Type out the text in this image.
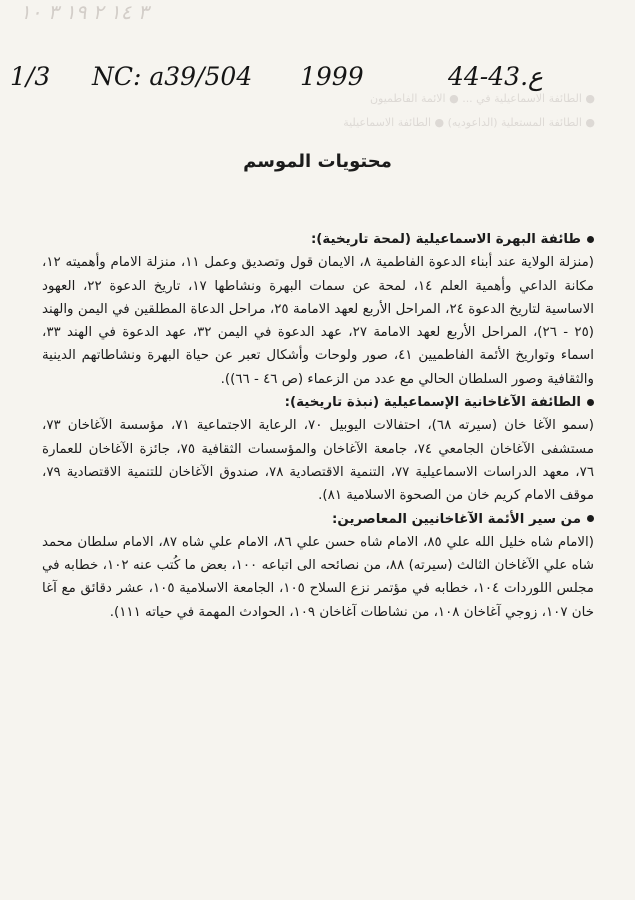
٣ ١٤ ٢ ١٩ ٣ ١٠
● الطائفة الاسماعيلية في ... ● الائمة الفاطميون
● الطائفة المستعلية (الداعوديه) ● الطائفة الاسماعيلية
1/3 NC: a39/504 1999	44-43.ع
محتويات الموسم

طائفة البهرة الاسماعيلية (لمحة تاريخية):

(منزلة الولاية عند أبناء الدعوة الفاطمية ٨، الايمان قول وتصديق وعمل ١١، منزلة الامام وأهميته ١٢، مكانة الداعي وأهمية العلم ١٤، لمحة عن سمات البهرة ونشاطها ١٧، تاريخ الدعوة ٢٢، العهود الاساسية لتاريخ الدعوة ٢٤، المراحل الأربع لعهد الامامة ٢٥، مراحل الدعاة المطلقين في اليمن والهند (٢٥ - ٢٦)، المراحل الأربع لعهد الامامة ٢٧، عهد الدعوة في اليمن ٣٢، عهد الدعوة في الهند ٣٣، اسماء وتواريخ الأئمة الفاطميين ٤١، صور ولوحات وأشكال تعبر عن حياة البهرة ونشاطاتهم الدينية والثقافية وصور السلطان الحالي مع عدد من الزعماء (ص ٤٦ - ٦٦)).

الطائفة الآغاخانية الإسماعيلية (نبذة تاريخية):

(سمو الآغا خان (سيرته ٦٨)، احتفالات اليوبيل ٧٠، الرعاية الاجتماعية ٧١، مؤسسة الآغاخان ٧٣، مستشفى الآغاخان الجامعي ٧٤، جامعة الآغاخان والمؤسسات الثقافية ٧٥، جائزة الآغاخان للعمارة ٧٦، معهد الدراسات الاسماعيلية ٧٧، التنمية الاقتصادية ٧٨، صندوق الآغاخان للتنمية الاقتصادية ٧٩، موقف الامام كريم خان من الصحوة الاسلامية ٨١).

من سير الأئمة الآغاخانيين المعاصرين:

(الامام شاه خليل الله علي ٨٥، الامام شاه حسن علي ٨٦، الامام علي شاه ٨٧، الامام سلطان محمد شاه علي الآغاخان الثالث (سيرته) ٨٨، من نصائحه الى اتباعه ١٠٠، بعض ما كُتب عنه ١٠٢، خطابه في مجلس اللوردات ١٠٤، خطابه في مؤتمر نزع السلاح ١٠٥، الجامعة الاسلامية ١٠٥، عشر دقائق مع آغا خان ١٠٧، زوجي آغاخان ١٠٨، من نشاطات آغاخان ١٠٩، الحوادث المهمة في حياته ١١١).
